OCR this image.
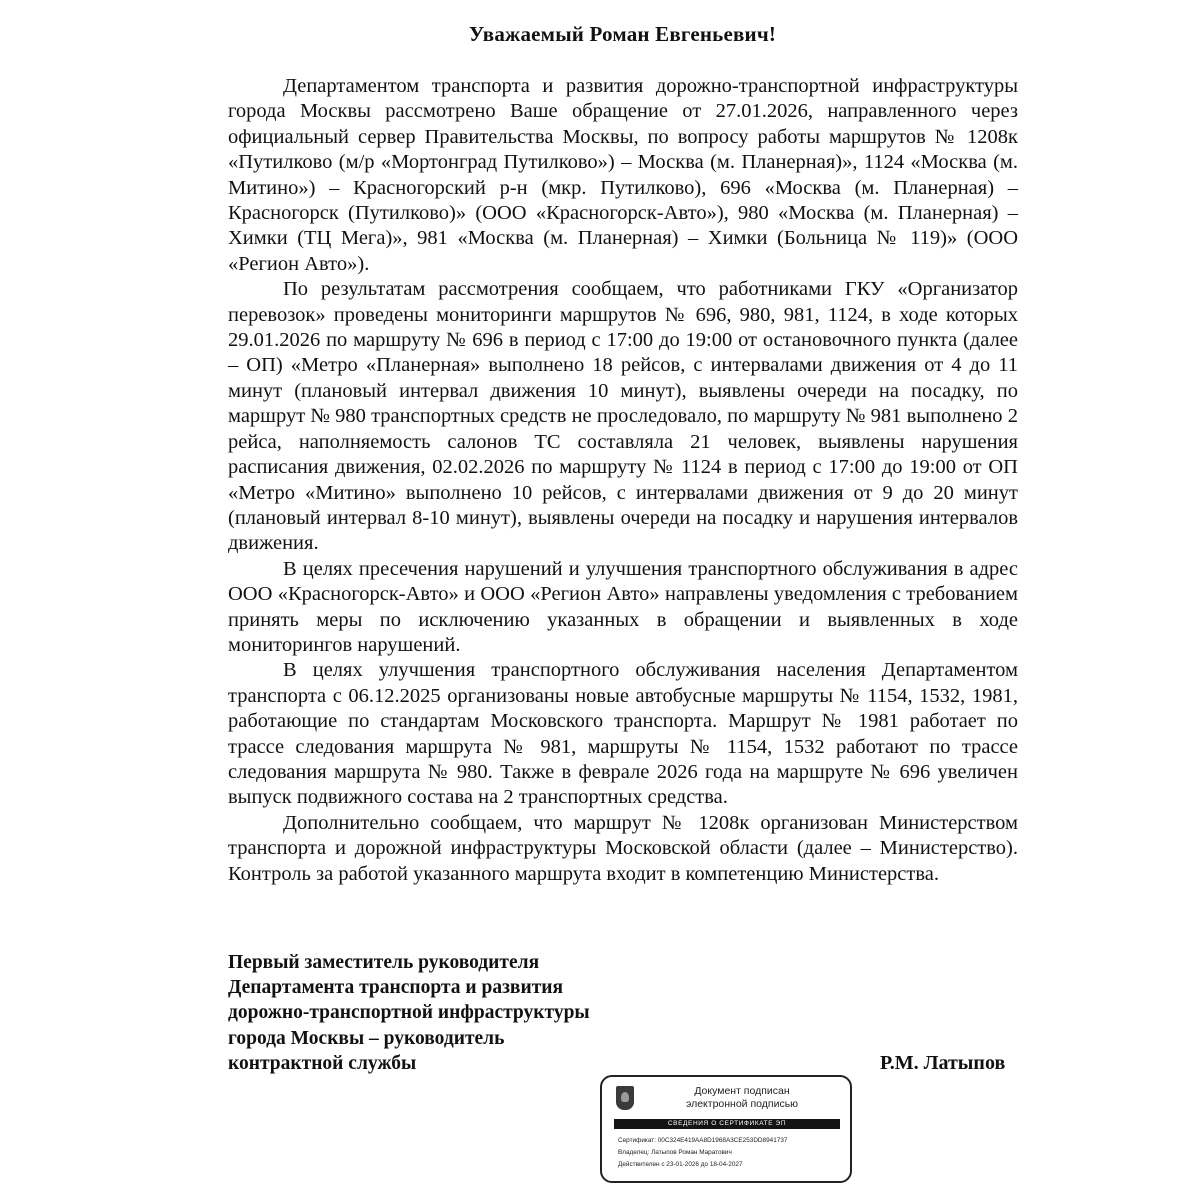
Уважаемый Роман Евгеньевич!

Департаментом транспорта и развития дорожно-транспортной инфраструктуры города Москвы рассмотрено Ваше обращение от 27.01.2026, направленного через официальный сервер Правительства Москвы, по вопросу работы маршрутов № 1208к «Путилково (м/р «Мортонград Путилково») – Москва (м. Планерная)», 1124 «Москва (м. Митино») – Красногорский р-н (мкр. Путилково), 696 «Москва (м. Планерная) – Красногорск (Путилково)» (ООО «Красногорск-Авто»), 980 «Москва (м. Планерная) – Химки (ТЦ Мега)», 981 «Москва (м. Планерная) – Химки (Больница № 119)» (ООО «Регион Авто»).

По результатам рассмотрения сообщаем, что работниками ГКУ «Организатор перевозок» проведены мониторинги маршрутов № 696, 980, 981, 1124, в ходе которых 29.01.2026 по маршруту № 696 в период с 17:00 до 19:00 от остановочного пункта (далее – ОП) «Метро «Планерная» выполнено 18 рейсов, с интервалами движения от 4 до 11 минут (плановый интервал движения 10 минут), выявлены очереди на посадку, по маршрут № 980 транспортных средств не проследовало, по маршруту № 981 выполнено 2 рейса, наполняемость салонов ТС составляла 21 человек, выявлены нарушения расписания движения, 02.02.2026 по маршруту № 1124 в период с 17:00 до 19:00 от ОП «Метро «Митино» выполнено 10 рейсов, с интервалами движения от 9 до 20 минут (плановый интервал 8-10 минут), выявлены очереди на посадку и нарушения интервалов движения.

В целях пресечения нарушений и улучшения транспортного обслуживания в адрес ООО «Красногорск-Авто» и ООО «Регион Авто» направлены уведомления с требованием принять меры по исключению указанных в обращении и выявленных в ходе мониторингов нарушений.

В целях улучшения транспортного обслуживания населения Департаментом транспорта с 06.12.2025 организованы новые автобусные маршруты № 1154, 1532, 1981, работающие по стандартам Московского транспорта. Маршрут № 1981 работает по трассе следования маршрута № 981, маршруты № 1154, 1532 работают по трассе следования маршрута № 980. Также в феврале 2026 года на маршруте № 696 увеличен выпуск подвижного состава на 2 транспортных средства.

Дополнительно сообщаем, что маршрут № 1208к организован Министерством транспорта и дорожной инфраструктуры Московской области (далее – Министерство). Контроль за работой указанного маршрута входит в компетенцию Министерства.

Первый заместитель руководителя
Департамента транспорта и развития
дорожно-транспортной инфраструктуры
города Москвы – руководитель
контрактной службы	Р.М. Латыпов
Документ подписан
электронной подписью
СВЕДЕНИЯ О СЕРТИФИКАТЕ ЭП
Сертификат: 00C324E419AA8D1968A3CE253DD8941737
Владелец: Латыпов Роман Маратович
Действителен с 23-01-2026 до 18-04-2027
